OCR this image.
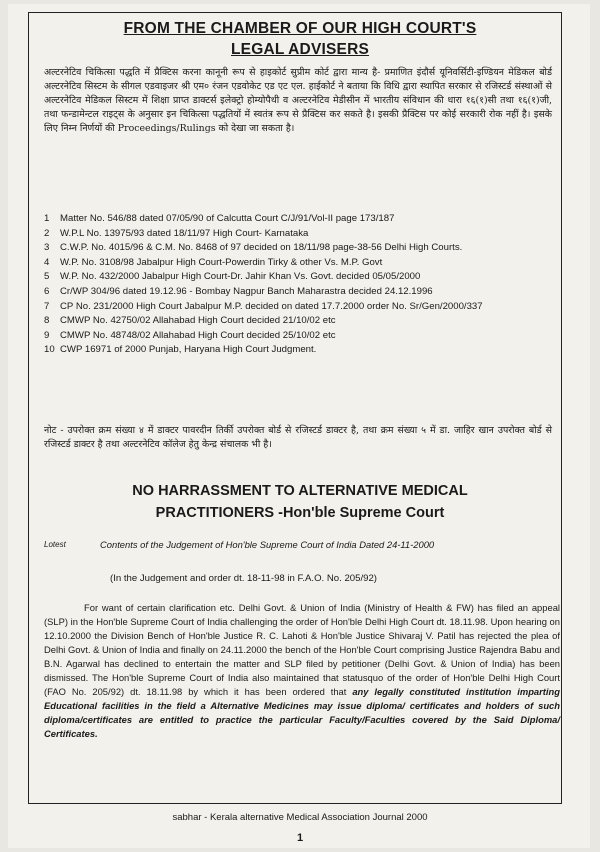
FROM THE CHAMBER OF OUR HIGH COURT'S
LEGAL ADVISERS
अल्टरनेटिव चिकित्सा पद्धति में प्रैक्टिस करना कानूनी रूप से हाइकोर्ट सुप्रीम कोर्ट द्वारा मान्य है- प्रमाणित इंदौर्स यूनिवर्सिटी-इण्डियन मेडिकल बोर्ड अल्टरनेटिव सिस्टम के सीगल एडवाइजर श्री एम० रंजन एडवोकेट एड एट एल. हाईकोर्ट ने बताया कि विधि द्वारा स्थापित सरकार से रजिस्टर्ड संस्थाओं से अल्टरनेटिव मेडिकल सिस्टम में शिक्षा प्राप्त डाक्टर्स इलेक्ट्रो होम्योपैथी व अल्टरनेटिव मेडीसीन में भारतीय संविधान की धारा १६(१)सी तथा १६(१)जी, तथा फन्डामेन्टल राइट्स के अनुसार इन चिकित्सा पद्धतियों में स्वतंत्र रूप से प्रैक्टिस कर सकते है। इसकी प्रैक्टिस पर कोई सरकारी रोक नहीं है। इसके लिए निम्न निर्णयों की Proceedings/Rulings को देखा जा सकता है।
1	Matter No. 546/88 dated 07/05/90 of Calcutta Court C/J/91/Vol-II page 173/187
2	W.P.L No. 13975/93 dated 18/11/97 High Court- Karnataka
3	C.W.P. No. 4015/96 & C.M. No. 8468 of 97 decided on 18/11/98 page-38-56 Delhi High Courts.
4	W.P. No. 3108/98 Jabalpur High Court-Powerdin Tirky & other Vs. M.P. Govt
5	W.P. No. 432/2000 Jabalpur High Court-Dr. Jahir Khan Vs. Govt. decided 05/05/2000
6	Cr/WP 304/96 dated 19.12.96 - Bombay Nagpur Banch Maharastra decided 24.12.1996
7	CP No. 231/2000 High Court Jabalpur M.P. decided on dated 17.7.2000 order No. Sr/Gen/2000/337
8	CMWP No. 42750/02 Allahabad High Court decided 21/10/02 etc
9	CMWP No. 48748/02 Allahabad High Court decided 25/10/02 etc
10 CWP 16971 of 2000 Punjab, Haryana High Court Judgment.
नोट - उपरोक्त क्रम संख्या ४ में डाक्टर पावरदीन तिर्की उपरोक्त बोर्ड से रजिस्टर्ड डाक्टर है, तथा क्रम संख्या ५ में डा. जाहिर खान उपरोक्त बोर्ड से रजिस्टर्ड डाक्टर है तथा अल्टरनेटिव कॉलेज हेतु केन्द्र संचालक भी है।
NO HARRASSMENT TO ALTERNATIVE MEDICAL
PRACTITIONERS -Hon'ble Supreme Court
Lotest	Contents of the Judgement of Hon'ble Supreme Court of India Dated 24-11-2000
(In the Judgement and order dt. 18-11-98 in F.A.O. No. 205/92)
For want of certain clarification etc. Delhi Govt. & Union of India (Ministry of Health & FW) has filed an appeal (SLP) in the Hon'ble Supreme Court of India challenging the order of Hon'ble Delhi High Court dt. 18.11.98. Upon hearing on 12.10.2000 the Division Bench of Hon'ble Justice R. C. Lahoti & Hon'ble Justice Shivaraj V. Patil has rejected the plea of Delhi Govt. & Union of India and finally on 24.11.2000 the bench of the Hon'ble Court comprising Justice Rajendra Babu and B.N. Agarwal has declined to entertain the matter and SLP filed by petitioner (Delhi Govt. & Union of India) has been dismissed. The Hon'ble Supreme Court of India also maintained that statusquo of the order of Hon'ble Delhi High Court (FAO No. 205/92) dt. 18.11.98 by which it has been ordered that any legally constituted institution imparting Educational facilities in the field a Alternative Medicines may issue diploma/ certificates and holders of such diploma/certificates are entitled to practice the particular Faculty/Faculties covered by the Said Diploma/ Certificates.
sabhar - Kerala alternative Medical Association Journal 2000
1
